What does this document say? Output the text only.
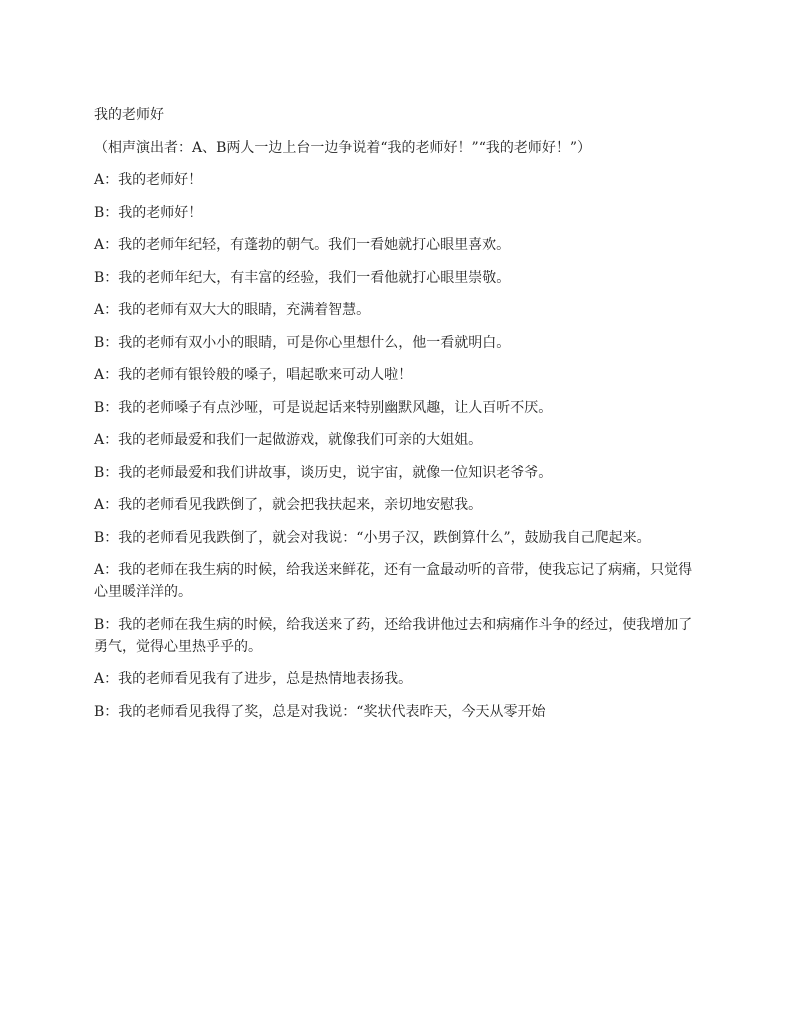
我的老师好

（相声演出者：A、B两人一边上台一边争说着“我的老师好！”“我的老师好！”）

A：我的老师好！

B：我的老师好！

A：我的老师年纪轻，有蓬勃的朝气。我们一看她就打心眼里喜欢。

B：我的老师年纪大，有丰富的经验，我们一看他就打心眼里崇敬。

A：我的老师有双大大的眼睛，充满着智慧。

B：我的老师有双小小的眼睛，可是你心里想什么，他一看就明白。

A：我的老师有银铃般的嗓子，唱起歌来可动人啦！

B：我的老师嗓子有点沙哑，可是说起话来特别幽默风趣，让人百听不厌。

A：我的老师最爱和我们一起做游戏，就像我们可亲的大姐姐。

B：我的老师最爱和我们讲故事，谈历史，说宇宙，就像一位知识老爷爷。

A：我的老师看见我跌倒了，就会把我扶起来，亲切地安慰我。

B：我的老师看见我跌倒了，就会对我说：“小男子汉，跌倒算什么”，鼓励我自己爬起来。

A：我的老师在我生病的时候，给我送来鲜花，还有一盒最动听的音带，使我忘记了病痛，只觉得心里暖洋洋的。

B：我的老师在我生病的时候，给我送来了药，还给我讲他过去和病痛作斗争的经过，使我增加了勇气，觉得心里热乎乎的。

A：我的老师看见我有了进步，总是热情地表扬我。

B：我的老师看见我得了奖，总是对我说：“奖状代表昨天，今天从零开始
